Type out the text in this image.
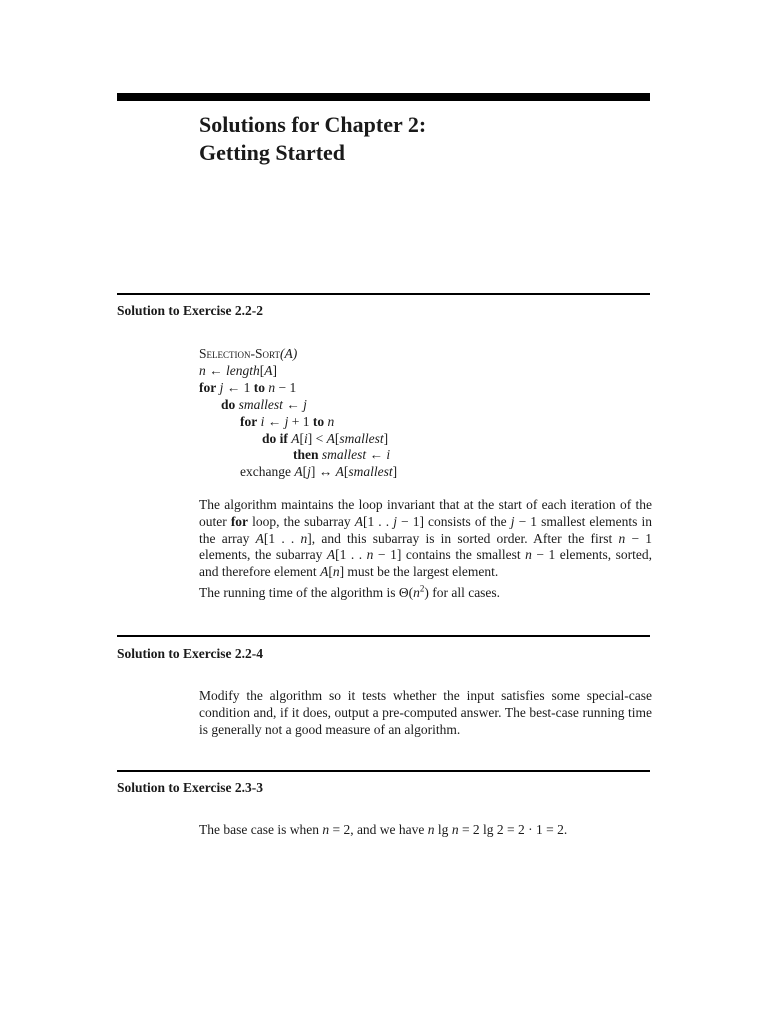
Solutions for Chapter 2:
Getting Started
Solution to Exercise 2.2-2
Selection-Sort(A)
n ← length[A]
for j ← 1 to n − 1
do smallest ← j
for i ← j + 1 to n
do if A[i] < A[smallest]
then smallest ← i
exchange A[j] ↔ A[smallest]

The algorithm maintains the loop invariant that at the start of each iteration of the outer for loop, the subarray A[1 . . j − 1] consists of the j − 1 smallest elements in the array A[1 . . n], and this subarray is in sorted order. After the first n − 1 elements, the subarray A[1 . . n − 1] contains the smallest n − 1 elements, sorted, and therefore element A[n] must be the largest element.

The running time of the algorithm is $\Theta(n^2)$ for all cases.

Solution to Exercise 2.2-4

Modify the algorithm so it tests whether the input satisfies some special-case condition and, if it does, output a pre-computed answer. The best-case running time is generally not a good measure of an algorithm.

Solution to Exercise 2.3-3

The base case is when n = 2, and we have n lg n = 2 lg 2 = 2 · 1 = 2.
